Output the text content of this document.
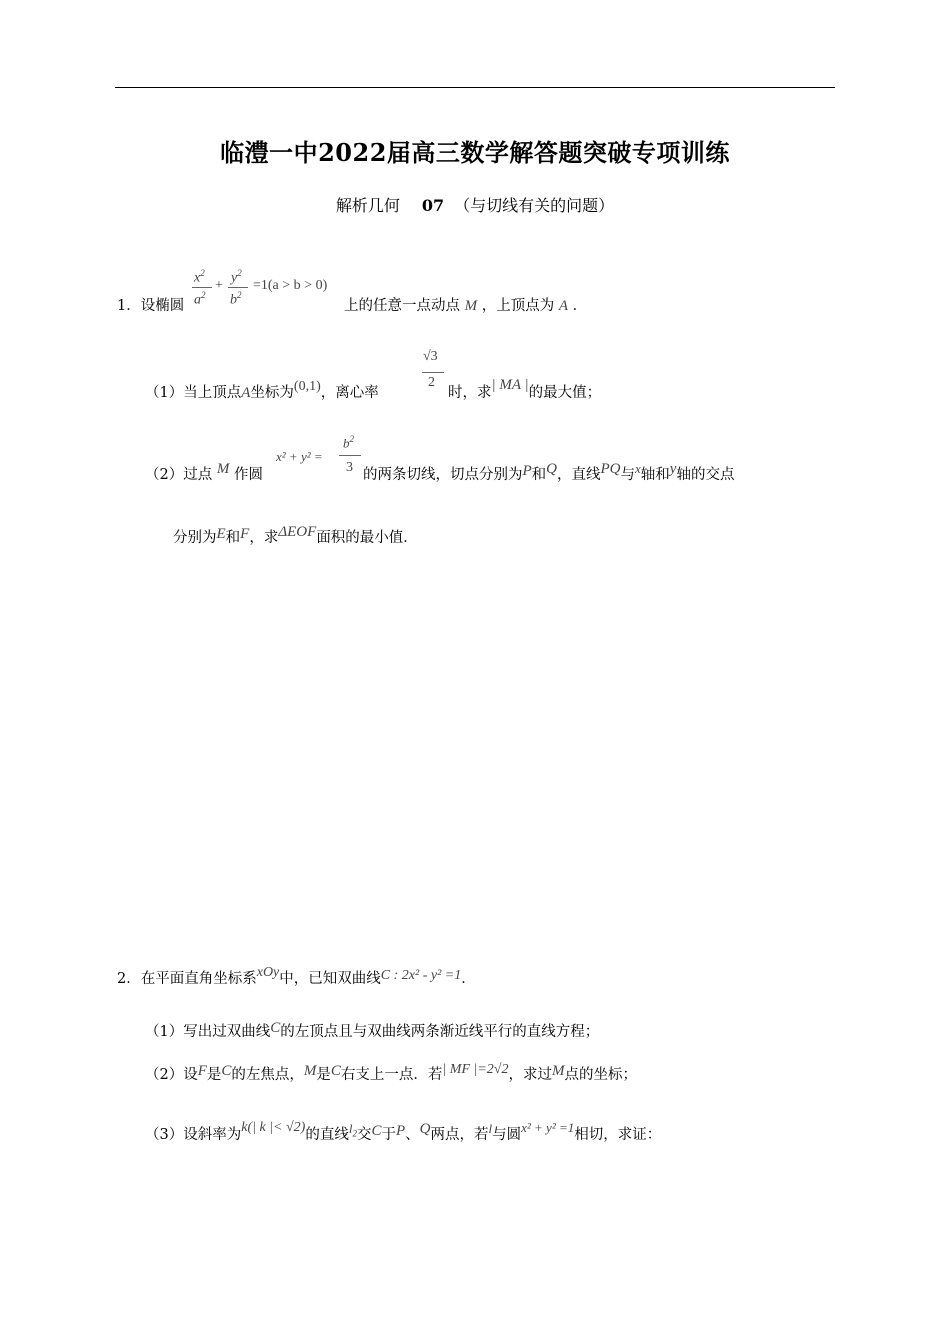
临澧一中2022届高三数学解答题突破专项训练
解析几何 07 （与切线有关的问题）
1．设椭圆
$x^2$
$a^2$
+ $y^2$
$b^2$
=1(a > b > 0)
上的任意一点动点 M ，上顶点为 A ．
（1）当上顶点A坐标为(0,1)，离心率
√3
2
时，求| MA |的最大值；
（2）过点 M 作圆
x² + y² =
$b^2$
3 的两条切线，切点分别为P和Q，直线PQ与x轴和y轴的交点
分别为E和F，求ΔEOF面积的最小值．
2．在平面直角坐标系xOy中，已知双曲线C : 2x² - y² =1．
（1）写出过双曲线C的左顶点且与双曲线两条渐近线平行的直线方程；
（2）设F是C的左焦点，M是C右支上一点．若| MF |=2√2，求过M点的坐标；
（3）设斜率为k(| k |< √2)的直线$l_2$交C于P、Q两点，若l与圆x² + y² =1相切，求证：
